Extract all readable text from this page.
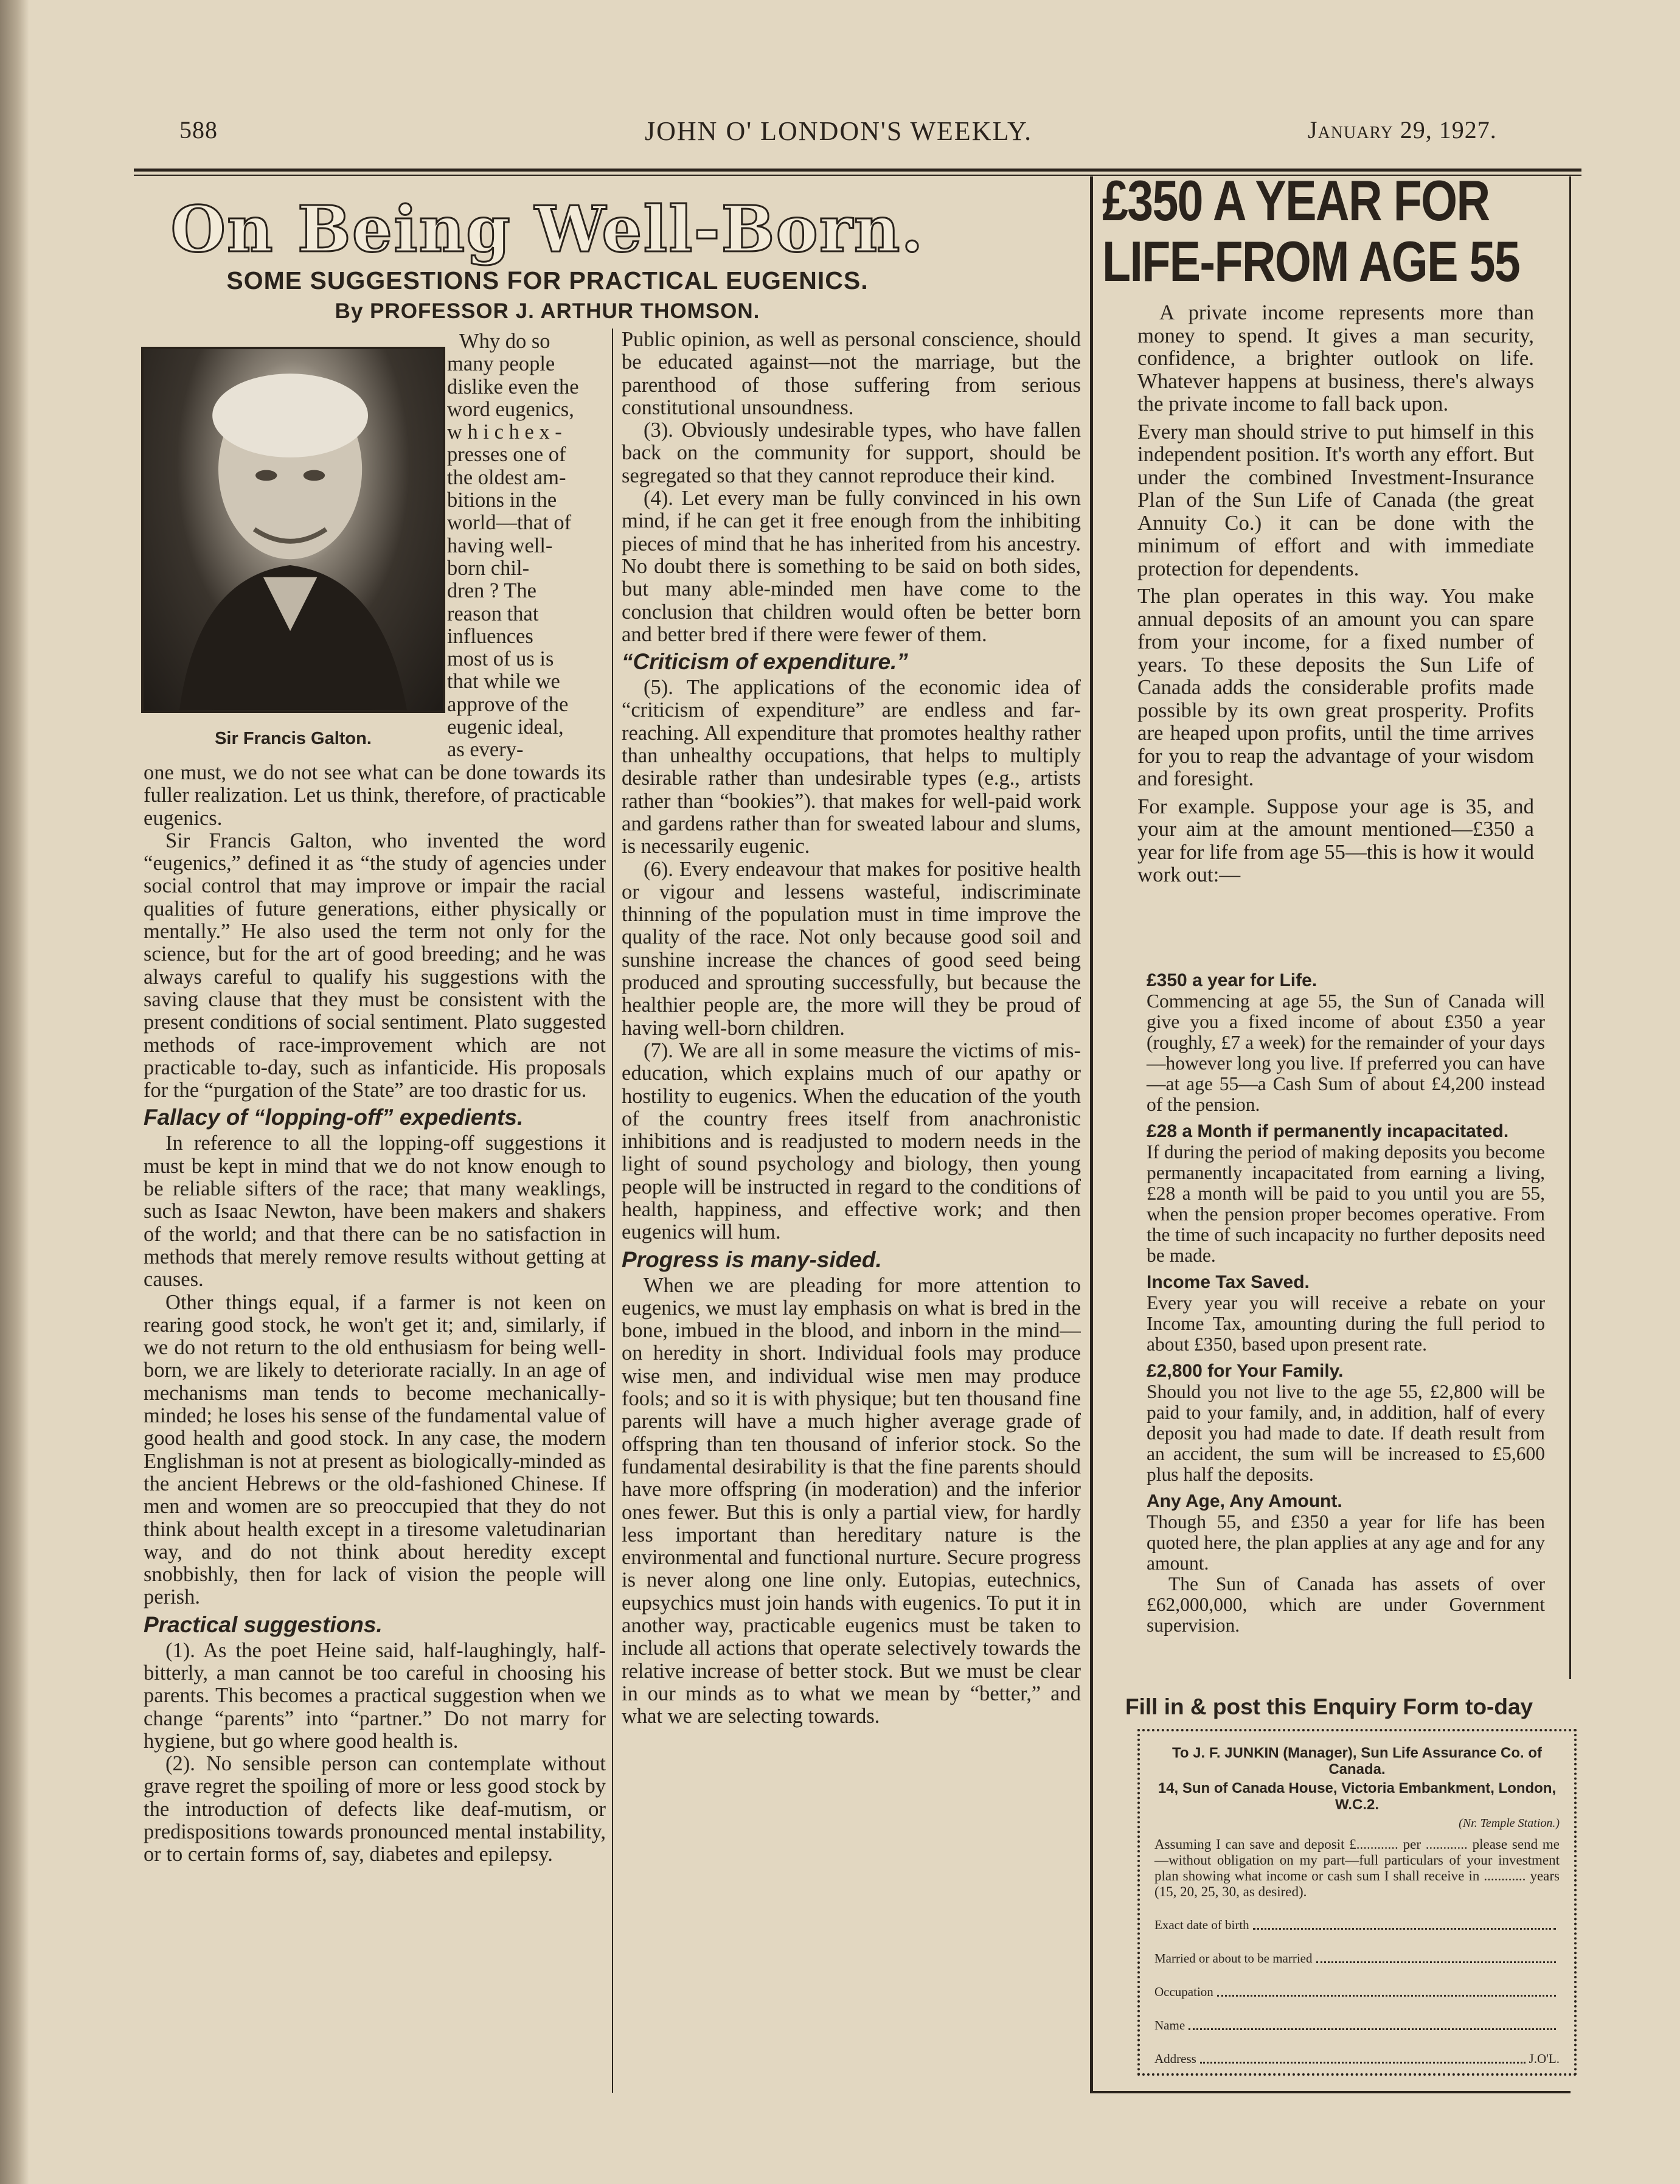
588	JOHN O' LONDON'S WEEKLY.	January 29, 1927.
On Being Well-Born.
SOME SUGGESTIONS FOR PRACTICAL EUGENICS.
By PROFESSOR J. ARTHUR THOMSON.
Sir Francis Galton.
Why do so
many people
dislike even the
word eugenics,
w h i c h e x -
presses one of
the oldest am-
bitions in the
world—that of
having well-
born chil-
dren ? The
reason that
influences
most of us is
that while we
approve of the
eugenic ideal,
as every-

one must, we do not see what can be done towards its fuller realization. Let us think, therefore, of practicable eugenics.

Sir Francis Galton, who invented the word “eugenics,” defined it as “the study of agencies under social control that may improve or impair the racial qualities of future generations, either physically or mentally.” He also used the term not only for the science, but for the art of good breeding; and he was always careful to qualify his suggestions with the saving clause that they must be consistent with the present conditions of social sentiment. Plato suggested methods of race-improvement which are not practicable to-day, such as infanticide. His proposals for the “purgation of the State” are too drastic for us.

Fallacy of “lopping-off” expedients.

In reference to all the lopping-off suggestions it must be kept in mind that we do not know enough to be reliable sifters of the race; that many weaklings, such as Isaac Newton, have been makers and shakers of the world; and that there can be no satisfaction in methods that merely remove results without getting at causes.

Other things equal, if a farmer is not keen on rearing good stock, he won't get it; and, similarly, if we do not return to the old enthusiasm for being well-born, we are likely to deteriorate racially. In an age of mechanisms man tends to become mechanically-minded; he loses his sense of the fundamental value of good health and good stock. In any case, the modern Englishman is not at present as biologically-minded as the ancient Hebrews or the old-fashioned Chinese. If men and women are so preoccupied that they do not think about health except in a tiresome valetudinarian way, and do not think about heredity except snobbishly, then for lack of vision the people will perish.

Practical suggestions.

(1). As the poet Heine said, half-laughingly, half-bitterly, a man cannot be too careful in choosing his parents. This becomes a practical suggestion when we change “parents” into “partner.” Do not marry for hygiene, but go where good health is.

(2). No sensible person can contemplate without grave regret the spoiling of more or less good stock by the introduction of defects like deaf-mutism, or predispositions towards pronounced mental instability, or to certain forms of, say, diabetes and epilepsy.

Public opinion, as well as personal conscience, should be educated against—not the marriage, but the parenthood of those suffering from serious constitutional unsoundness.

(3). Obviously undesirable types, who have fallen back on the community for support, should be segregated so that they cannot reproduce their kind.

(4). Let every man be fully convinced in his own mind, if he can get it free enough from the inhibiting pieces of mind that he has inherited from his ancestry. No doubt there is something to be said on both sides, but many able-minded men have come to the conclusion that children would often be better born and better bred if there were fewer of them.

“Criticism of expenditure.”

(5). The applications of the economic idea of “criticism of expenditure” are endless and far-reaching. All expenditure that promotes healthy rather than unhealthy occupations, that helps to multiply desirable rather than undesirable types (e.g., artists rather than “bookies”). that makes for well-paid work and gardens rather than for sweated labour and slums, is necessarily eugenic.

(6). Every endeavour that makes for positive health or vigour and lessens wasteful, indiscriminate thinning of the population must in time improve the quality of the race. Not only because good soil and sunshine increase the chances of good seed being produced and sprouting successfully, but because the healthier people are, the more will they be proud of having well-born children.

(7). We are all in some measure the victims of mis-education, which explains much of our apathy or hostility to eugenics. When the education of the youth of the country frees itself from anachronistic inhibitions and is readjusted to modern needs in the light of sound psychology and biology, then young people will be instructed in regard to the conditions of health, happiness, and effective work; and then eugenics will hum.

Progress is many-sided.

When we are pleading for more attention to eugenics, we must lay emphasis on what is bred in the bone, imbued in the blood, and inborn in the mind—on heredity in short. Individual fools may produce wise men, and individual wise men may produce fools; and so it is with physique; but ten thousand fine parents will have a much higher average grade of offspring than ten thousand of inferior stock. So the fundamental desirability is that the fine parents should have more offspring (in moderation) and the inferior ones fewer. But this is only a partial view, for hardly less important than hereditary nature is the environmental and functional nurture. Secure progress is never along one line only. Eutopias, eutechnics, eupsychics must join hands with eugenics. To put it in another way, practicable eugenics must be taken to include all actions that operate selectively towards the relative increase of better stock. But we must be clear in our minds as to what we mean by “better,” and what we are selecting towards.

£350 A YEAR FOR
LIFE-FROM AGE 55

A private income represents more than money to spend. It gives a man security, confidence, a brighter outlook on life. Whatever happens at business, there's always the private income to fall back upon.

Every man should strive to put himself in this independent position. It's worth any effort. But under the combined Investment-Insurance Plan of the Sun Life of Canada (the great Annuity Co.) it can be done with the minimum of effort and with immediate protection for dependents.

The plan operates in this way. You make annual deposits of an amount you can spare from your income, for a fixed number of years. To these deposits the Sun Life of Canada adds the considerable profits made possible by its own great prosperity. Profits are heaped upon profits, until the time arrives for you to reap the advantage of your wisdom and foresight.

For example. Suppose your age is 35, and your aim at the amount mentioned—£350 a year for life from age 55—this is how it would work out:—

£350 a year for Life.

Commencing at age 55, the Sun of Canada will give you a fixed income of about £350 a year (roughly, £7 a week) for the remainder of your days—however long you live. If preferred you can have—at age 55—a Cash Sum of about £4,200 instead of the pension.

£28 a Month if permanently incapacitated.

If during the period of making deposits you become permanently incapacitated from earning a living, £28 a month will be paid to you until you are 55, when the pension proper becomes operative. From the time of such incapacity no further deposits need be made.

Income Tax Saved.

Every year you will receive a rebate on your Income Tax, amounting during the full period to about £350, based upon present rate.

£2,800 for Your Family.

Should you not live to the age 55, £2,800 will be paid to your family, and, in addition, half of every deposit you had made to date. If death result from an accident, the sum will be increased to £5,600 plus half the deposits.

Any Age, Any Amount.

Though 55, and £350 a year for life has been quoted here, the plan applies at any age and for any amount.

The Sun of Canada has assets of over £62,000,000, which are under Government supervision.

Fill in & post this Enquiry Form to-day
To J. F. JUNKIN (Manager), Sun Life Assurance Co. of Canada.
14, Sun of Canada House, Victoria Embankment, London, W.C.2.
(Nr. Temple Station.)
Assuming I can save and deposit £............ per ............ please send me—without obligation on my part—full particulars of your investment plan showing what income or cash sum I shall receive in ............ years (15, 20, 25, 30, as desired).
Exact date of birth
Married or about to be married
Occupation
Name
Address	J.O'L.
